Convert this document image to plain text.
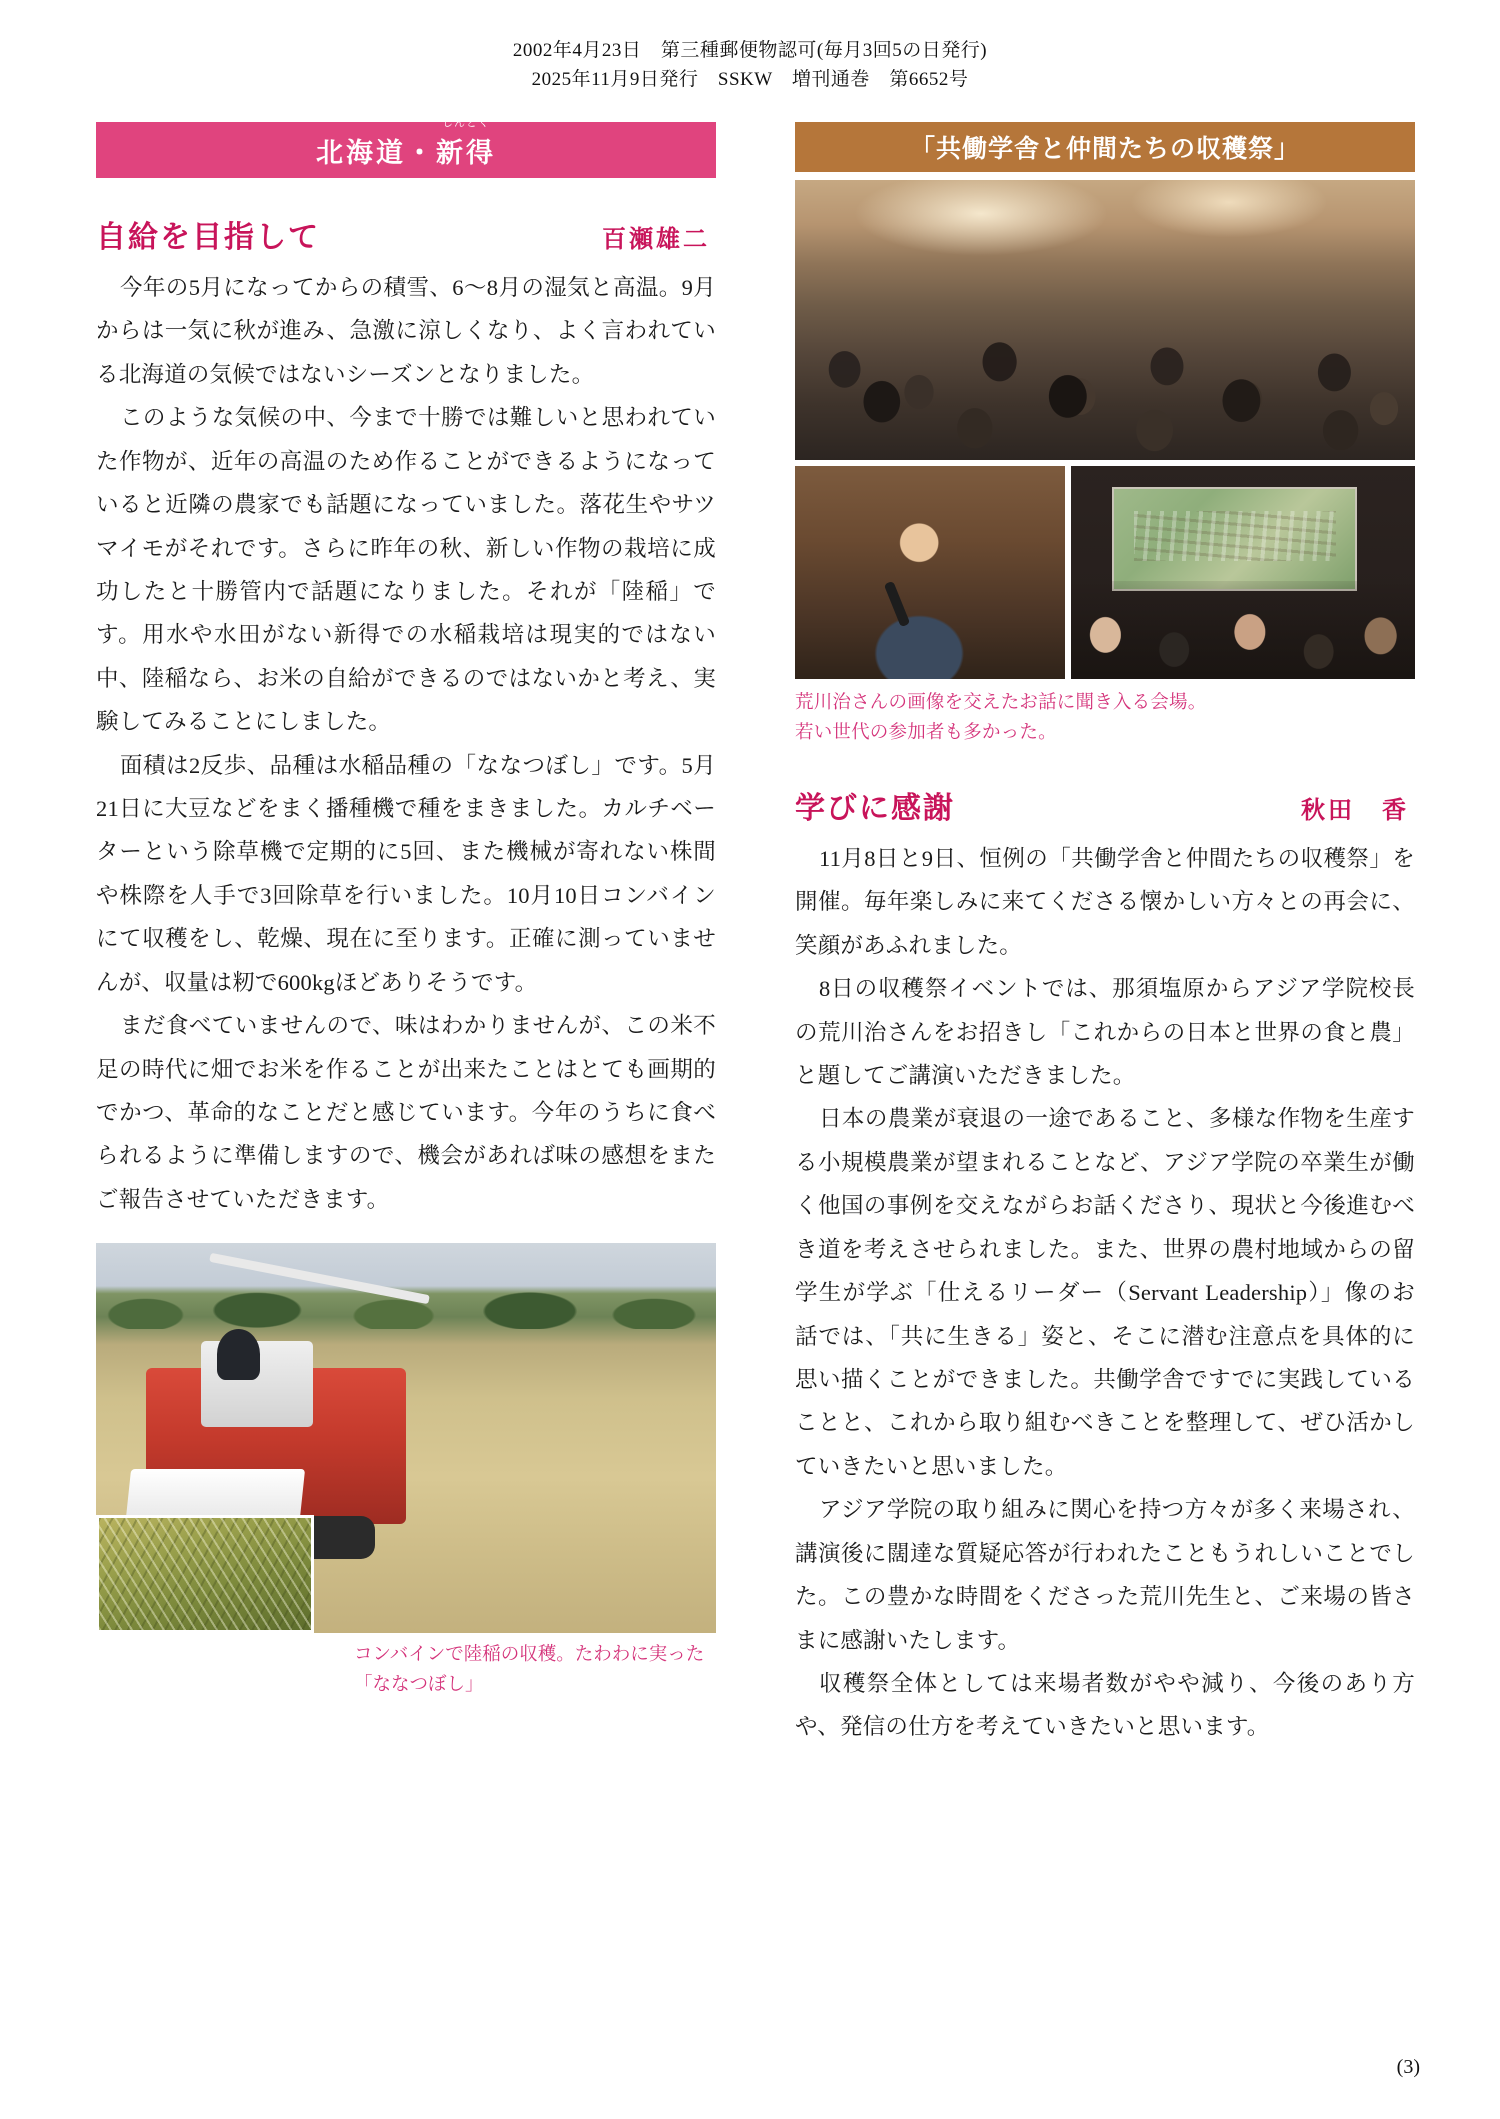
2002年4月23日　第三種郵便物認可(毎月3回5の日発行)
2025年11月9日発行　SSKW　増刊通巻　第6652号
北海道・
しんとく
新得
自給を目指して	百瀬雄二

今年の5月になってからの積雪、6〜8月の湿気と高温。9月からは一気に秋が進み、急激に涼しくなり、よく言われている北海道の気候ではないシーズンとなりました。

このような気候の中、今まで十勝では難しいと思われていた作物が、近年の高温のため作ることができるようになっていると近隣の農家でも話題になっていました。落花生やサツマイモがそれです。さらに昨年の秋、新しい作物の栽培に成功したと十勝管内で話題になりました。それが「陸稲」です。用水や水田がない新得での水稲栽培は現実的ではない中、陸稲なら、お米の自給ができるのではないかと考え、実験してみることにしました。

面積は2反歩、品種は水稲品種の「ななつぼし」です。5月21日に大豆などをまく播種機で種をまきました。カルチベーターという除草機で定期的に5回、また機械が寄れない株間や株際を人手で3回除草を行いました。10月10日コンバインにて収穫をし、乾燥、現在に至ります。正確に測っていませんが、収量は籾で600kgほどありそうです。

まだ食べていませんので、味はわかりませんが、この米不足の時代に畑でお米を作ることが出来たことはとても画期的でかつ、革命的なことだと感じています。今年のうちに食べられるように準備しますので、機会があれば味の感想をまたご報告させていただきます。

コンバインで陸稲の収穫。たわわに実った「ななつぼし」
「共働学舎と仲間たちの収穫祭」
荒川治さんの画像を交えたお話に聞き入る会場。
若い世代の参加者も多かった。
学びに感謝	秋田　香

11月8日と9日、恒例の「共働学舎と仲間たちの収穫祭」を開催。毎年楽しみに来てくださる懐かしい方々との再会に、笑顔があふれました。

8日の収穫祭イベントでは、那須塩原からアジア学院校長の荒川治さんをお招きし「これからの日本と世界の食と農」と題してご講演いただきました。

日本の農業が衰退の一途であること、多様な作物を生産する小規模農業が望まれることなど、アジア学院の卒業生が働く他国の事例を交えながらお話くださり、現状と今後進むべき道を考えさせられました。また、世界の農村地域からの留学生が学ぶ「仕えるリーダー（Servant Leadership）」像のお話では、「共に生きる」姿と、そこに潜む注意点を具体的に思い描くことができました。共働学舎ですでに実践していることと、これから取り組むべきことを整理して、ぜひ活かしていきたいと思いました。

アジア学院の取り組みに関心を持つ方々が多く来場され、講演後に闊達な質疑応答が行われたこともうれしいことでした。この豊かな時間をくださった荒川先生と、ご来場の皆さまに感謝いたします。

収穫祭全体としては来場者数がやや減り、今後のあり方や、発信の仕方を考えていきたいと思います。

(3)
